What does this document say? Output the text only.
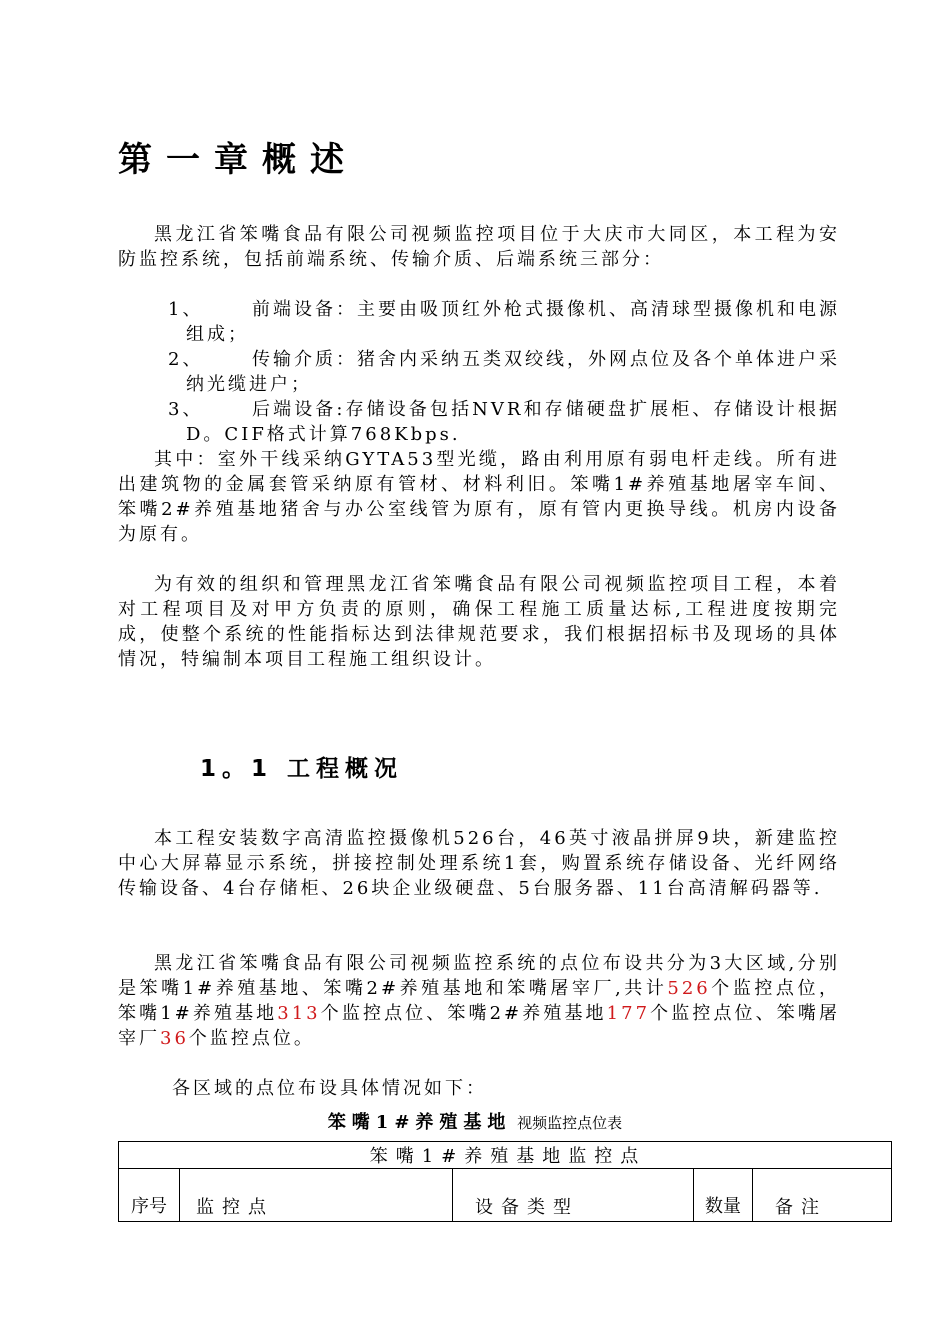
第一章概述
黑龙江省笨嘴食品有限公司视频监控项目位于大庆市大同区，本工程为安防监控系统，包括前端系统、传输介质、后端系统三部分：
1、	前端设备：主要由吸顶红外枪式摄像机、高清球型摄像机和电源组成；
2、	传输介质：猪舍内采纳五类双绞线，外网点位及各个单体进户采纳光缆进户；
3、	后端设备:存储设备包括NVR和存储硬盘扩展柜、存储设计根据D。CIF格式计算768Kbps.
其中：室外干线采纳GYTA53型光缆，路由利用原有弱电杆走线。所有进出建筑物的金属套管采纳原有管材、材料利旧。笨嘴1#养殖基地屠宰车间、笨嘴2#养殖基地猪舍与办公室线管为原有，原有管内更换导线。机房内设备为原有。
为有效的组织和管理黑龙江省笨嘴食品有限公司视频监控项目工程，本着对工程项目及对甲方负责的原则，确保工程施工质量达标,工程进度按期完成，使整个系统的性能指标达到法律规范要求，我们根据招标书及现场的具体情况，特编制本项目工程施工组织设计。
1。1 工程概况
本工程安装数字高清监控摄像机526台，46英寸液晶拼屏9块，新建监控中心大屏幕显示系统，拼接控制处理系统1套，购置系统存储设备、光纤网络传输设备、4台存储柜、26块企业级硬盘、5台服务器、11台高清解码器等.
黑龙江省笨嘴食品有限公司视频监控系统的点位布设共分为3大区域,分别是笨嘴1#养殖基地、笨嘴2#养殖基地和笨嘴屠宰厂,共计526个监控点位，笨嘴1#养殖基地313个监控点位、笨嘴2#养殖基地177个监控点位、笨嘴屠宰厂36个监控点位。
各区域的点位布设具体情况如下：
笨嘴1#养殖基地 视频监控点位表
笨嘴1#养殖基地监控点
序号	监控点	设备类型	数量	备注
